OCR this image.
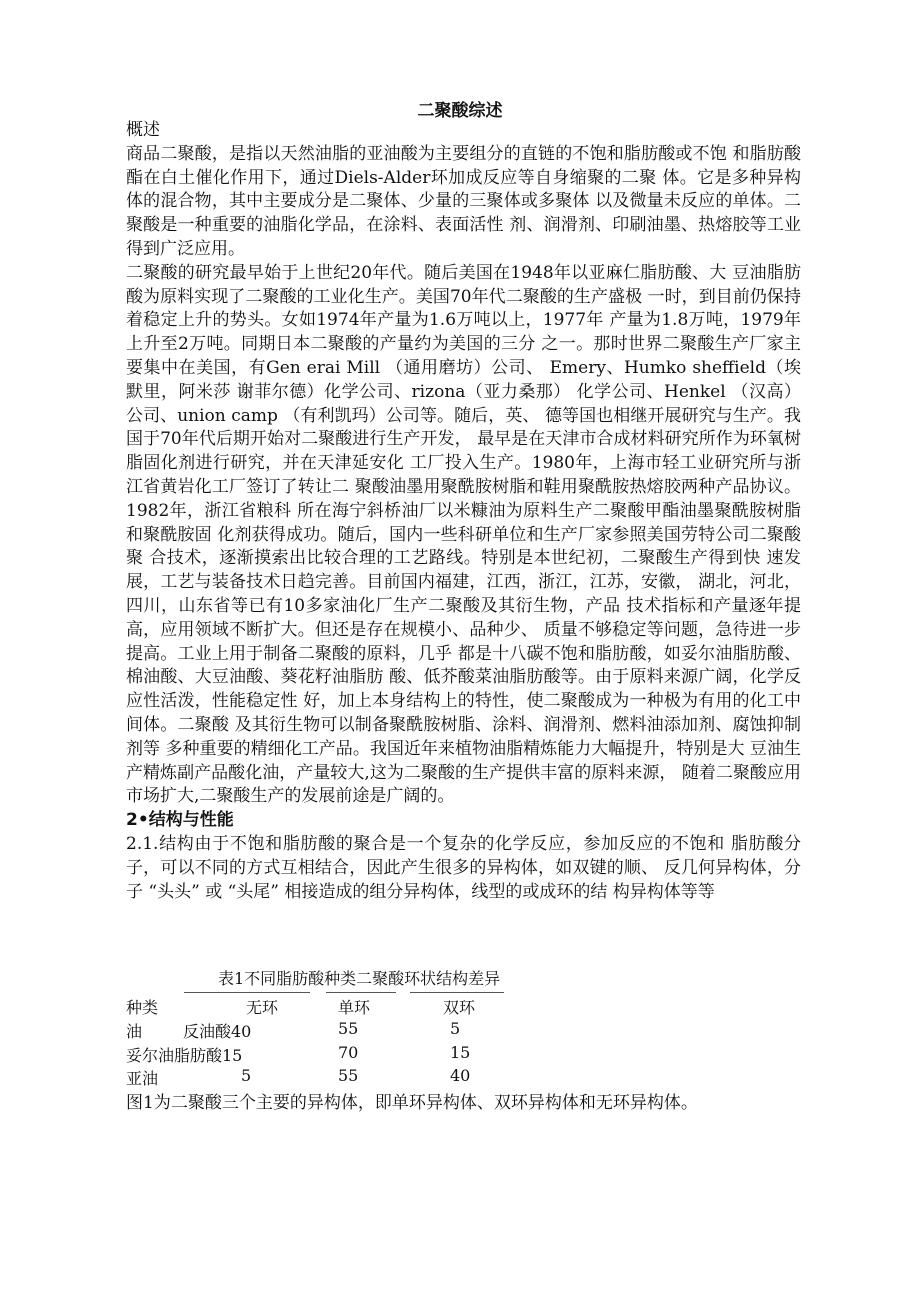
二聚酸综述

概述

商品二聚酸，是指以天然油脂的亚油酸为主要组分的直链的不饱和脂肪酸或不饱 和脂肪酸酯在白土催化作用下，通过Diels-Alder环加成反应等自身缩聚的二聚 体。它是多种异构体的混合物，其中主要成分是二聚体、少量的三聚体或多聚体 以及微量未反应的单体。二聚酸是一种重要的油脂化学品，在涂料、表面活性 剂、润滑剂、印刷油墨、热熔胶等工业得到广泛应用。

二聚酸的研究最早始于上世纪20年代。随后美国在1948年以亚麻仁脂肪酸、大 豆油脂肪酸为原料实现了二聚酸的工业化生产。美国70年代二聚酸的生产盛极 一时，到目前仍保持着稳定上升的势头。女如1974年产量为1.6万吨以上，1977年 产量为1.8万吨，1979年上升至2万吨。同期日本二聚酸的产量约为美国的三分 之一。那时世界二聚酸生产厂家主要集中在美国，有Gen erai Mill （通用磨坊）公司、 Emery、Humko sheffield（埃默里，阿米莎 谢菲尔德）化学公司、rizona（亚力桑那） 化学公司、Henkel （汉高）公司、union camp （有利凯玛）公司等。随后，英、 德等国也相继开展研究与生产。我国于70年代后期开始对二聚酸进行生产开发， 最早是在天津市合成材料研究所作为环氧树脂固化剂进行研究，并在天津延安化 工厂投入生产。1980年，上海市轻工业研究所与浙江省黄岩化工厂签订了转让二 聚酸油墨用聚酰胺树脂和鞋用聚酰胺热熔胶两种产品协议。1982年，浙江省粮科 所在海宁斜桥油厂以米糠油为原料生产二聚酸甲酯油墨聚酰胺树脂和聚酰胺固 化剂获得成功。随后，国内一些科研单位和生产厂家参照美国劳特公司二聚酸聚 合技术，逐渐摸索出比较合理的工艺路线。特别是本世纪初，二聚酸生产得到快 速发展，工艺与装备技术日趋完善。目前国内福建，江西，浙江，江苏，安徽， 湖北，河北，四川，山东省等已有10多家油化厂生产二聚酸及其衍生物，产品 技术指标和产量逐年提高，应用领域不断扩大。但还是存在规模小、品种少、 质量不够稳定等问题，急待进一步提高。工业上用于制备二聚酸的原料，几乎 都是十八碳不饱和脂肪酸，如妥尔油脂肪酸、棉油酸、大豆油酸、葵花籽油脂肪 酸、低芥酸菜油脂肪酸等。由于原料来源广阔，化学反应性活泼，性能稳定性 好，加上本身结构上的特性，使二聚酸成为一种极为有用的化工中间体。二聚酸 及其衍生物可以制备聚酰胺树脂、涂料、润滑剂、燃料油添加剂、腐蚀抑制剂等 多种重要的精细化工产品。我国近年来植物油脂精炼能力大幅提升，特别是大 豆油生产精炼副产品酸化油，产量较大,这为二聚酸的生产提供丰富的原料来源， 随着二聚酸应用市场扩大,二聚酸生产的发展前途是广阔的。

2•结构与性能

2.1.结构由于不饱和脂肪酸的聚合是一个复杂的化学反应，参加反应的不饱和 脂肪酸分子，可以不同的方式互相结合，因此产生很多的异构体，如双键的顺、 反几何异构体，分子 “头头” 或 “头尾” 相接造成的组分异构体，线型的或成环的结 构异构体等等

表1不同脂肪酸种类二聚酸环状结构差异
种类	无环	单环	双环
油	反油酸40	55	5
妥尔油脂肪酸15	70	15
亚油	5	55	40
图1为二聚酸三个主要的异构体，即单环异构体、双环异构体和无环异构体。
